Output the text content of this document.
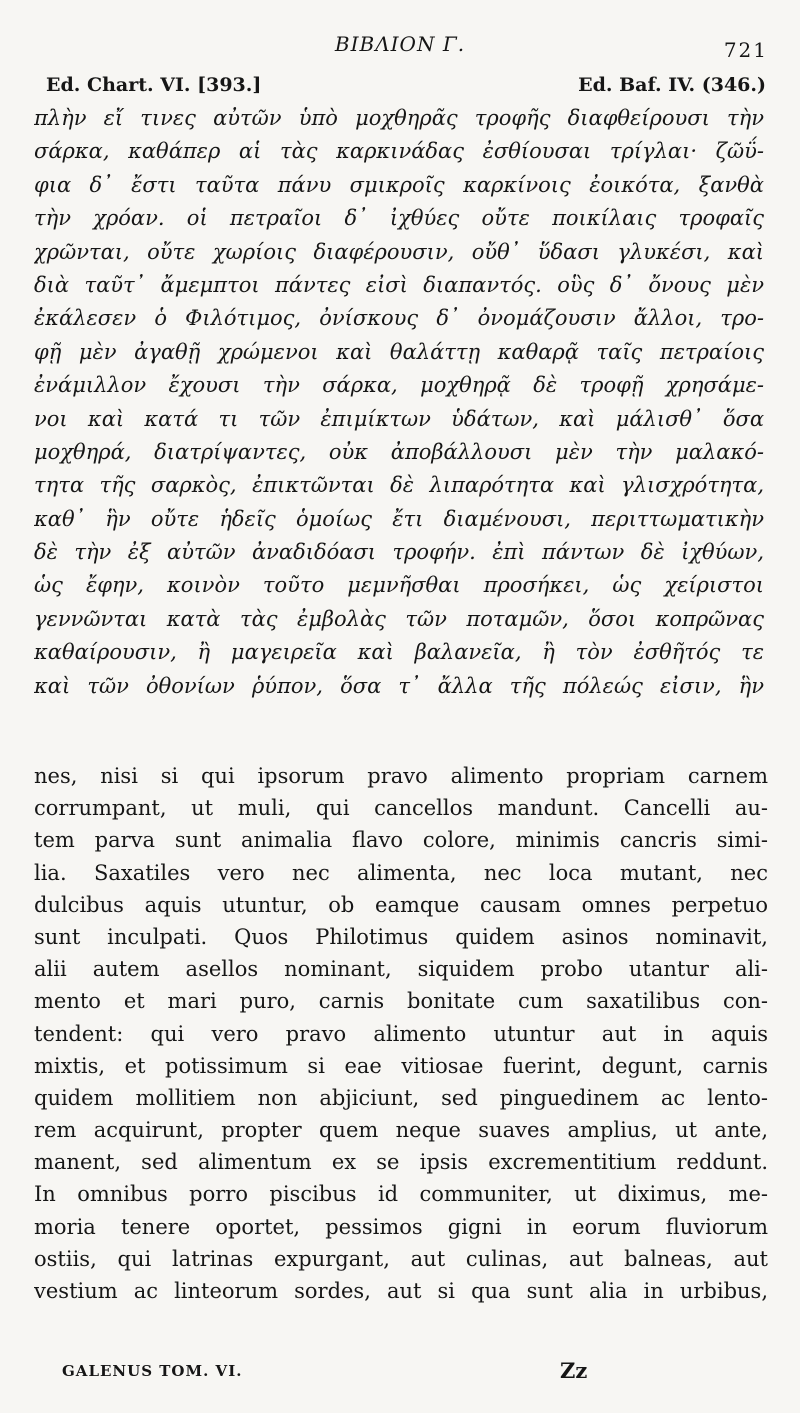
ΒΙΒΛΙΟΝ Γ.	721
Ed. Chart. VI. [393.]	Ed. Baf. IV. (346.)
πλὴν εἴ τινες αὐτῶν ὑπὸ μοχθηρᾶς τροφῆς διαφθείρουσι τὴν
σάρκα, καθάπερ αἱ τὰς καρκινάδας ἐσθίουσαι τρίγλαι· ζῶΰ-
φια δ᾽ ἔστι ταῦτα πάνυ σμικροῖς καρκίνοις ἐοικότα, ξανθὰ
τὴν χρόαν. οἱ πετραῖοι δ᾽ ἰχθύες οὔτε ποικίλαις τροφαῖς
χρῶνται, οὔτε χωρίοις διαφέρουσιν, οὔθ᾽ ὕδασι γλυκέσι, καὶ
διὰ ταῦτ᾽ ἄμεμπτοι πάντες εἰσὶ διαπαντός. οὓς δ᾽ ὄνους μὲν
ἐκάλεσεν ὁ Φιλότιμος, ὀνίσκους δ᾽ ὀνομάζουσιν ἄλλοι, τρο-
φῇ μὲν ἀγαθῇ χρώμενοι καὶ θαλάττῃ καθαρᾷ ταῖς πετραίοις
ἐνάμιλλον ἔχουσι τὴν σάρκα, μοχθηρᾷ δὲ τροφῇ χρησάμε-
νοι καὶ κατά τι τῶν ἐπιμίκτων ὑδάτων, καὶ μάλισθ᾽ ὅσα
μοχθηρά, διατρίψαντες, οὐκ ἀποβάλλουσι μὲν τὴν μαλακό-
τητα τῆς σαρκὸς, ἐπικτῶνται δὲ λιπαρότητα καὶ γλισχρότητα,
καθ᾽ ἣν οὔτε ἡδεῖς ὁμοίως ἔτι διαμένουσι, περιττωματικὴν
δὲ τὴν ἐξ αὐτῶν ἀναδιδόασι τροφήν. ἐπὶ πάντων δὲ ἰχθύων,
ὡς ἔφην, κοινὸν τοῦτο μεμνῆσθαι προσήκει, ὡς χείριστοι
γεννῶνται κατὰ τὰς ἐμβολὰς τῶν ποταμῶν, ὅσοι κοπρῶνας
καθαίρουσιν, ἢ μαγειρεῖα καὶ βαλανεῖα, ἢ τὸν ἐσθῆτός τε
καὶ τῶν ὀθονίων ῥύπον, ὅσα τ᾽ ἄλλα τῆς πόλεώς εἰσιν, ἣν
nes, nisi si qui ipsorum pravo alimento propriam carnem
corrumpant, ut muli, qui cancellos mandunt. Cancelli au-
tem parva sunt animalia flavo colore, minimis cancris simi-
lia. Saxatiles vero nec alimenta, nec loca mutant, nec
dulcibus aquis utuntur, ob eamque causam omnes perpetuo
sunt inculpati. Quos Philotimus quidem asinos nominavit,
alii autem asellos nominant, siquidem probo utantur ali-
mento et mari puro, carnis bonitate cum saxatilibus con-
tendent: qui vero pravo alimento utuntur aut in aquis
mixtis, et potissimum si eae vitiosae fuerint, degunt, carnis
quidem mollitiem non abjiciunt, sed pinguedinem ac lento-
rem acquirunt, propter quem neque suaves amplius, ut ante,
manent, sed alimentum ex se ipsis excrementitium reddunt.
In omnibus porro piscibus id communiter, ut diximus, me-
moria tenere oportet, pessimos gigni in eorum fluviorum
ostiis, qui latrinas expurgant, aut culinas, aut balneas, aut
vestium ac linteorum sordes, aut si qua sunt alia in urbibus,
GALENUS TOM. VI.	Zz
